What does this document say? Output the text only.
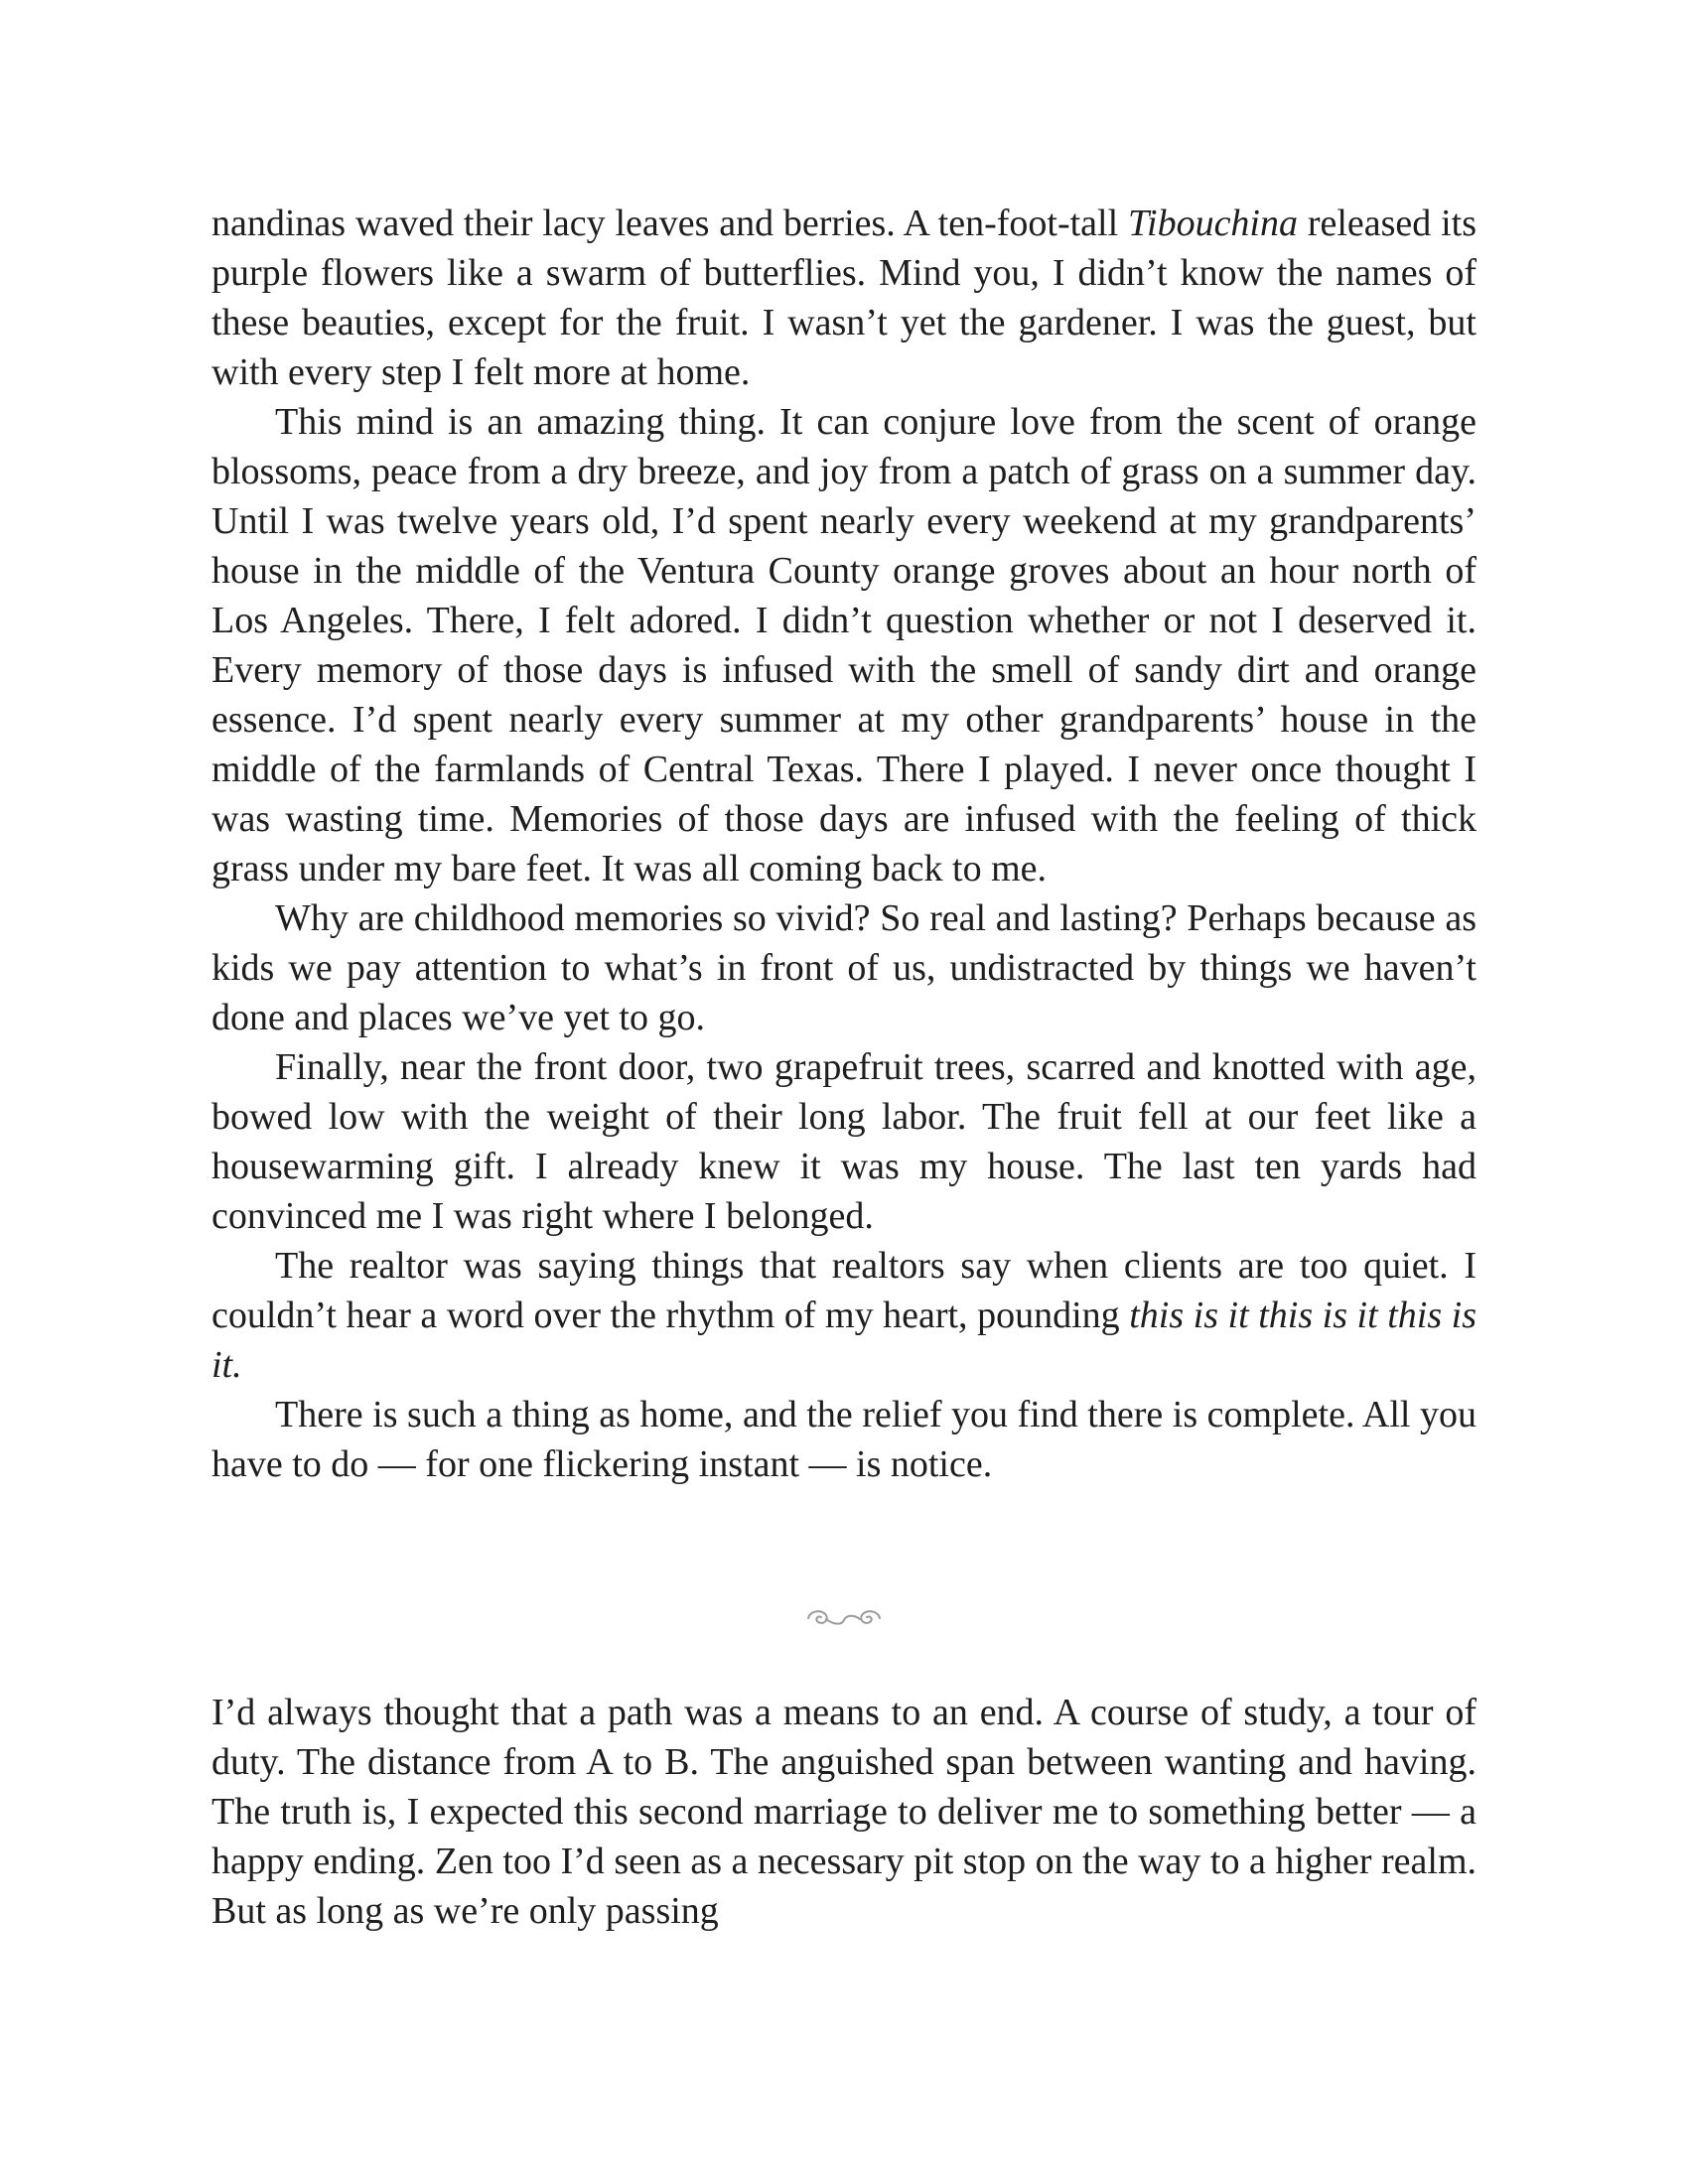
nandinas waved their lacy leaves and berries. A ten-foot-tall Tibouchina released its purple flowers like a swarm of butterflies. Mind you, I didn’t know the names of these beauties, except for the fruit. I wasn’t yet the gardener. I was the guest, but with every step I felt more at home.

This mind is an amazing thing. It can conjure love from the scent of orange blossoms, peace from a dry breeze, and joy from a patch of grass on a summer day. Until I was twelve years old, I’d spent nearly every weekend at my grandparents’ house in the middle of the Ventura County orange groves about an hour north of Los Angeles. There, I felt adored. I didn’t question whether or not I deserved it. Every memory of those days is infused with the smell of sandy dirt and orange essence. I’d spent nearly every summer at my other grandparents’ house in the middle of the farmlands of Central Texas. There I played. I never once thought I was wasting time. Memories of those days are infused with the feeling of thick grass under my bare feet. It was all coming back to me.

Why are childhood memories so vivid? So real and lasting? Perhaps because as kids we pay attention to what’s in front of us, undistracted by things we haven’t done and places we’ve yet to go.

Finally, near the front door, two grapefruit trees, scarred and knotted with age, bowed low with the weight of their long labor. The fruit fell at our feet like a housewarming gift. I already knew it was my house. The last ten yards had convinced me I was right where I belonged.

The realtor was saying things that realtors say when clients are too quiet. I couldn’t hear a word over the rhythm of my heart, pounding this is it this is it this is it.

There is such a thing as home, and the relief you find there is complete. All you have to do — for one flickering instant — is notice.

I’d always thought that a path was a means to an end. A course of study, a tour of duty. The distance from A to B. The anguished span between wanting and having. The truth is, I expected this second marriage to deliver me to something better — a happy ending. Zen too I’d seen as a necessary pit stop on the way to a higher realm. But as long as we’re only passing
